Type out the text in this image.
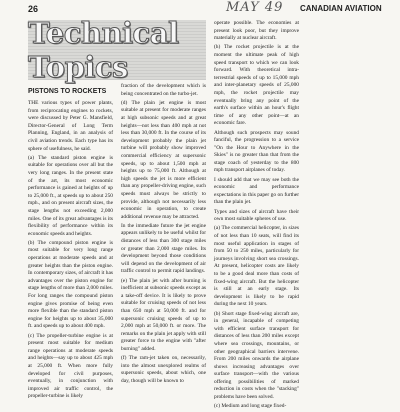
26	MAY 49 CANADIAN AVIATION
Technical Topics
PISTONS TO ROCKETS

THE various types of power plants, from reciprocating engines to rockets, were discussed by Peter G. Mansfield, Director-General of Long Term Planning, England, in an analysis of civil aviation trends. Each type has its sphere of usefulness, he said.

(a) The standard piston engine is suitable for operations over all but the very long ranges. In the present state of the art, its most economic performance is gained at heights of up to 25,000 ft., at speeds up to about 250 mph., and on present aircraft sizes, the stage lengths not exceeding 2,000 miles. One of its great advantages is its flexibility of performance within its economic speeds and heights.

(b) The compound piston engine is most suitable for very long range operations at moderate speeds and at greater heights than the piston engine. In contemporary sizes, of aircraft it has advantages over the piston engine for stage lengths of more than 2,000 miles. For long ranges the compound piston engine gives promise of being even more flexible than the standard piston engine for heights up to about 35,000 ft. and speeds up to about 400 mph.

(c) The propeller-turbine engine is at present most suitable for medium range operations at moderate speeds and heights—say up to about 425 mph at 25,000 ft. When more fully developed for civil purposes, eventually, in conjunction with improved air traffic control, the propeller-turbine is likely

fraction of the development which is being concentrated on the turbo-jet.

(d) The plain jet engine is most suitable at present for moderate ranges at high subsonic speeds and at great heights—not less than 400 mph at not less than 30,000 ft. In the course of its development probably the plain jet turbine will probably show improved commercial efficiency at supersonic speeds, up to about 1,500 mph at heights up to 75,000 ft. Although at high speeds the jet is more efficient than any propeller-driving engine, such speeds must always be strictly to provide, although not necessarily less economic in operation, to create additional revenue may be attracted.

In the immediate future the jet engine appears unlikely to be useful whilst for distances of less than 300 stage miles or greater than 2,000 stage miles. Its development beyond those conditions will depend on the development of air traffic control to permit rapid landings.

(e) The plain jet with after burning is inefficient at subsonic speeds except as a take-off device. It is likely to prove suitable for cruising speeds of not less than 650 mph at 50,000 ft. and for supersonic cruising speeds of up to 2,000 mph at 50,000 ft. or more. The remarks on the plain jet apply with still greater force to the engine with "after burning" added.

(f) The ram-jet taken on, necessarily, into the almost unexplored realms of supersonic speeds, about which, one day, though will be known to

operate possible. The economies at present look poor, but they improve materially at nuclear aircraft.

(h) The rocket projectile is at the moment the ultimate peak of high speed transport to which we can look forward. With theoretical intra-terrestrial speeds of up to 15,000 mph and inter-planetary speeds of 25,000 mph, the rocket projectile may eventually bring any point of the earth's surface within an hour's flight time of any other point—at an economic fare.

Although such prospects may sound fanciful, the progression to a service "On the Hour to Anywhere in the Skies" is no greater than that from the stage coach of yesterday to the 800 mph transport airplanes of today.

I should add that we may see both the economic and performance expectations in this paper go on further than the plain jet.

Types and sizes of aircraft have their own most suitable spheres of use.

(a) The commercial helicopter, in sizes of not less than 10 seats, will find its most useful application in stages of from 50 to 250 miles, particularly for journeys involving short sea crossings. At present, helicopter costs are likely to be a good deal more than costs of fixed-wing aircraft. But the helicopter is still at an early stage. Its development is likely to be rapid during the next 10 years.

(b) Short stage fixed-wing aircraft are, in general, incapable of competing with efficient surface transport for distances of less than 200 miles except where sea crossings, mountains, or other geographical barriers intervene. From 200 miles onwards the airplane shows increasing advantages over surface transport—with the various offering possibilities of marked reduction in costs when the "stacking" problems have been solved.

(c) Medium and long stage fixed-
